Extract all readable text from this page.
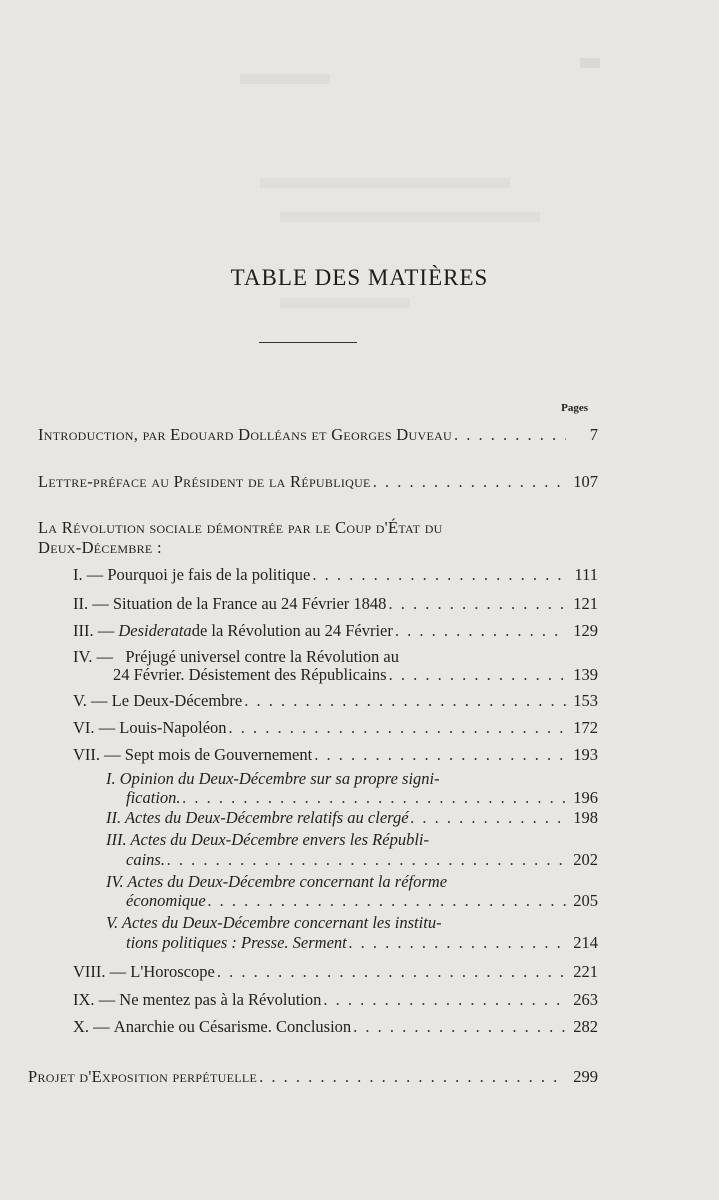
TABLE DES MATIÈRES
Pages
Introduction, par Edouard Dolléans et Georges Duveau . . .	7
Lettre-préface au Président de la République . . .	107
La Révolution sociale démontrée par le Coup d'État du
Deux-Décembre :
I. —
Pourquoi je fais de la politique . . .	111
II. —
Situation de la France au 24 Février 1848 . . .	121
III. —
Desiderata de la Révolution au 24 Février . . .	129
IV. — Préjugé universel contre la Révolution au
24 Février. Désistement des Républicains . . .	139
V. —
Le Deux-Décembre . . .	153
VI. —
Louis-Napoléon . . .	172
VII. —
Sept mois de Gouvernement . . .	193
I. Opinion du Deux-Décembre sur sa propre signi-
fication. . . .	196
II. Actes du Deux-Décembre relatifs au clergé . . .	198
III. Actes du Deux-Décembre envers les Républi-
cains. . . .	202
IV. Actes du Deux-Décembre concernant la réforme
économique . . .	205
V. Actes du Deux-Décembre concernant les institu-
tions politiques : Presse. Serment . . .	214
VIII. —
L'Horoscope . . .	221
IX. —
Ne mentez pas à la Révolution . . .	263
X. —
Anarchie ou Césarisme. Conclusion . . .	282
Projet d'Exposition perpétuelle . . .	299
